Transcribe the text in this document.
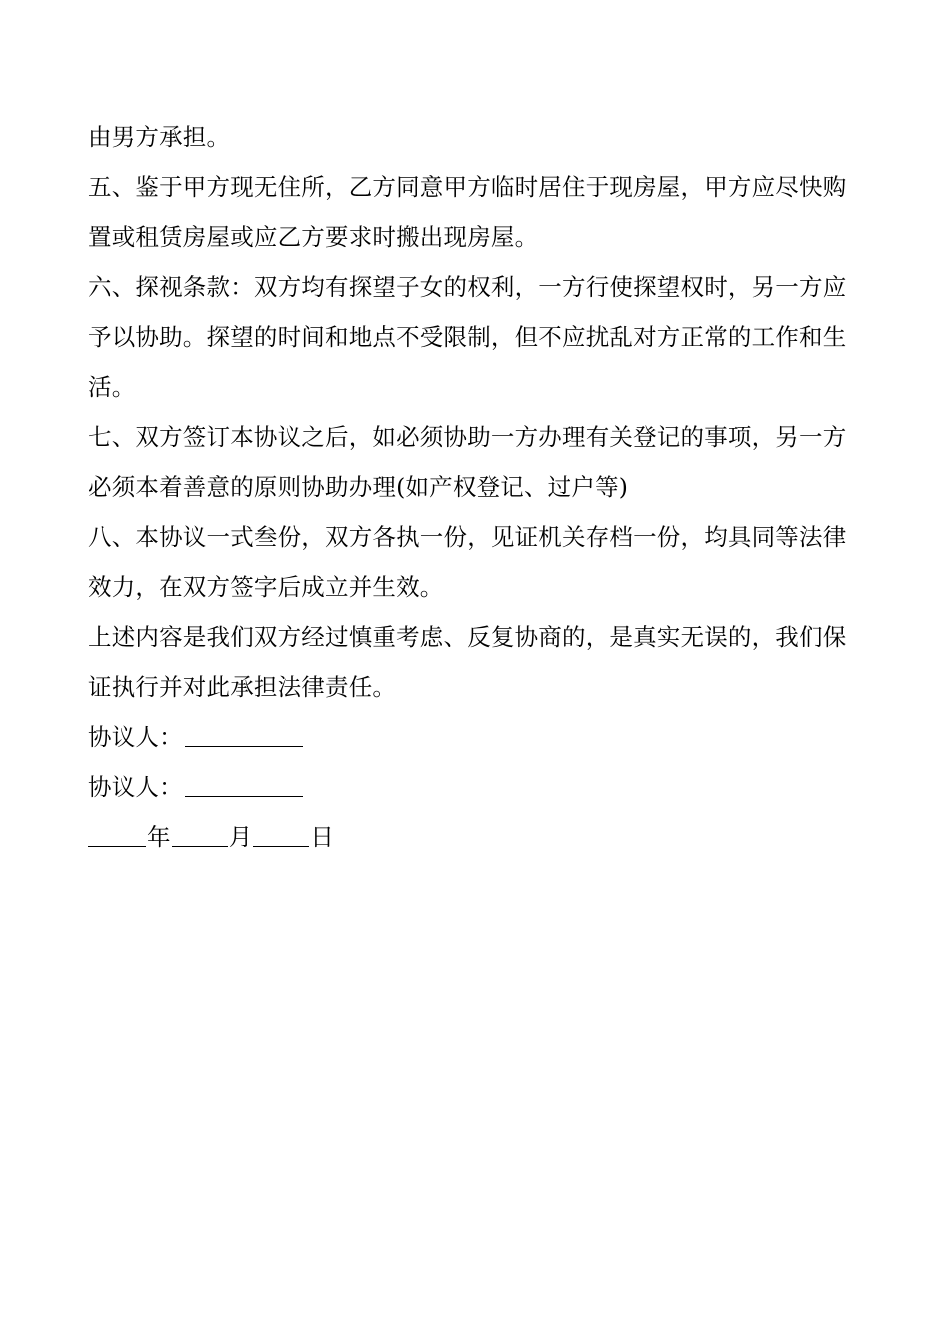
由男方承担。
五、鉴于甲方现无住所，乙方同意甲方临时居住于现房屋，甲方应尽快购
置或租赁房屋或应乙方要求时搬出现房屋。
六、探视条款：双方均有探望子女的权利，一方行使探望权时，另一方应
予以协助。探望的时间和地点不受限制，但不应扰乱对方正常的工作和生
活。
七、双方签订本协议之后，如必须协助一方办理有关登记的事项，另一方
必须本着善意的原则协助办理(如产权登记、过户等)
八、本协议一式叁份，双方各执一份，见证机关存档一份，均具同等法律
效力，在双方签字后成立并生效。
上述内容是我们双方经过慎重考虑、反复协商的，是真实无误的，我们保
证执行并对此承担法律责任。
协议人：
协议人：
年 月 日
